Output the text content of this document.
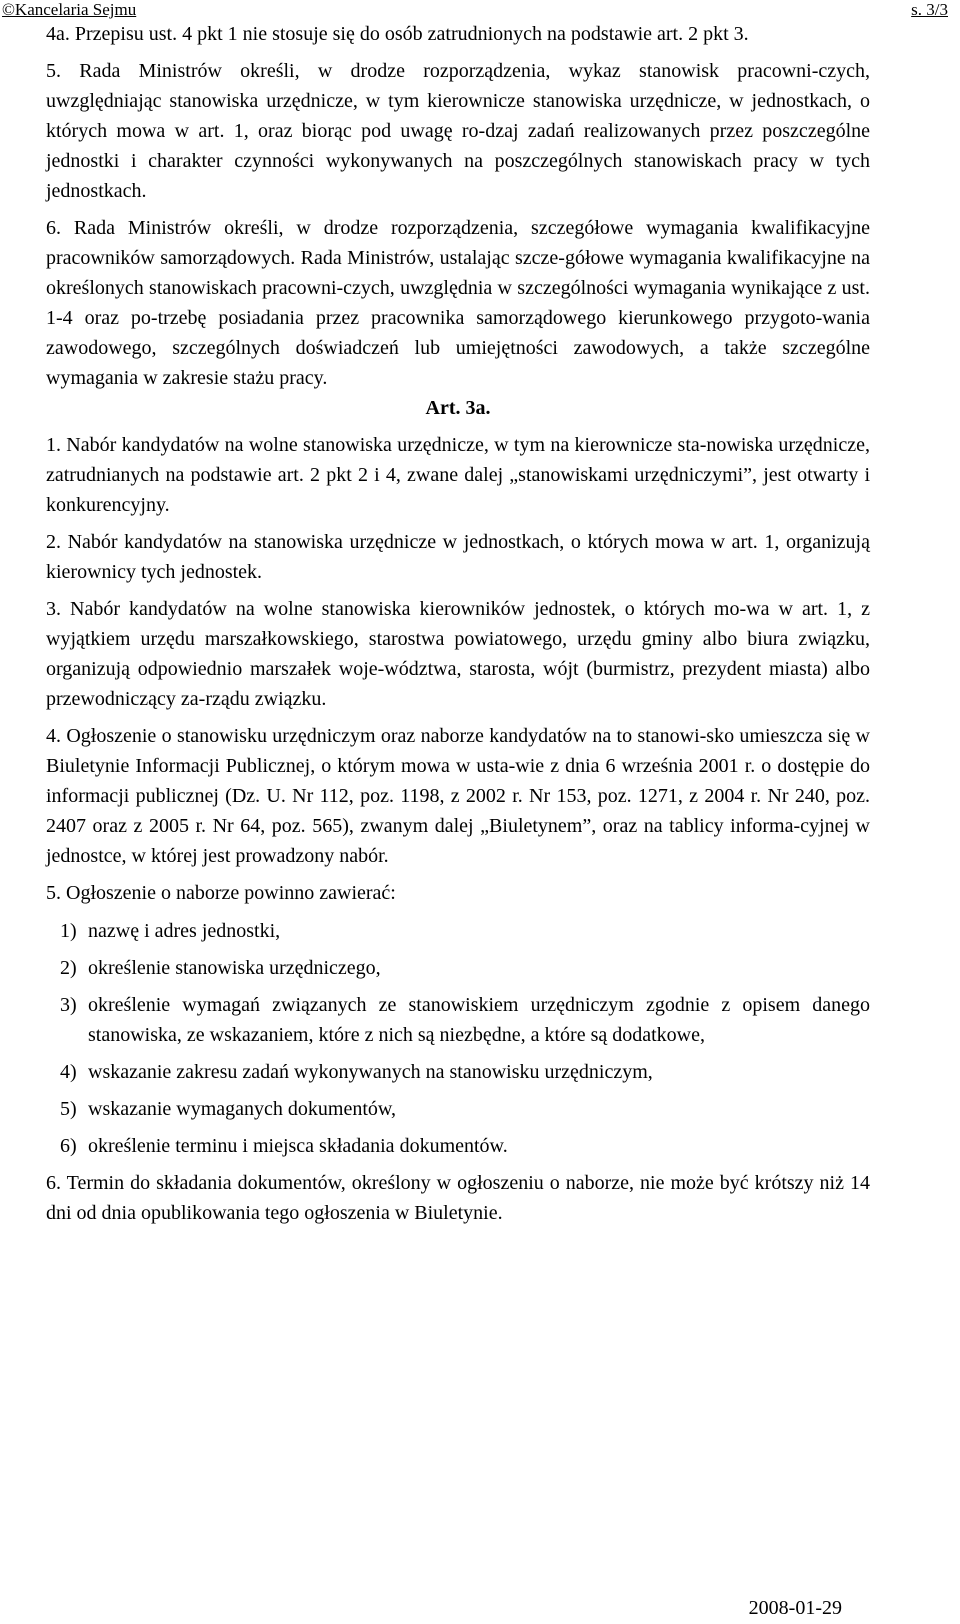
©Kancelaria Sejmu	s. 3/3

4a. Przepisu ust. 4 pkt 1 nie stosuje się do osób zatrudnionych na podstawie art. 2 pkt 3.

5. Rada Ministrów określi, w drodze rozporządzenia, wykaz stanowisk pracowni-czych, uwzględniając stanowiska urzędnicze, w tym kierownicze stanowiska urzędnicze, w jednostkach, o których mowa w art. 1, oraz biorąc pod uwagę ro-dzaj zadań realizowanych przez poszczególne jednostki i charakter czynności wykonywanych na poszczególnych stanowiskach pracy w tych jednostkach.

6. Rada Ministrów określi, w drodze rozporządzenia, szczegółowe wymagania kwalifikacyjne pracowników samorządowych. Rada Ministrów, ustalając szcze-gółowe wymagania kwalifikacyjne na określonych stanowiskach pracowni-czych, uwzględnia w szczególności wymagania wynikające z ust. 1-4 oraz po-trzebę posiadania przez pracownika samorządowego kierunkowego przygoto-wania zawodowego, szczególnych doświadczeń lub umiejętności zawodowych, a także szczególne wymagania w zakresie stażu pracy.

Art. 3a.

1. Nabór kandydatów na wolne stanowiska urzędnicze, w tym na kierownicze sta-nowiska urzędnicze, zatrudnianych na podstawie art. 2 pkt 2 i 4, zwane dalej „stanowiskami urzędniczymi”, jest otwarty i konkurencyjny.

2. Nabór kandydatów na stanowiska urzędnicze w jednostkach, o których mowa w art. 1, organizują kierownicy tych jednostek.

3. Nabór kandydatów na wolne stanowiska kierowników jednostek, o których mo-wa w art. 1, z wyjątkiem urzędu marszałkowskiego, starostwa powiatowego, urzędu gminy albo biura związku, organizują odpowiednio marszałek woje-wództwa, starosta, wójt (burmistrz, prezydent miasta) albo przewodniczący za-rządu związku.

4. Ogłoszenie o stanowisku urzędniczym oraz naborze kandydatów na to stanowi-sko umieszcza się w Biuletynie Informacji Publicznej, o którym mowa w usta-wie z dnia 6 września 2001 r. o dostępie do informacji publicznej (Dz. U. Nr 112, poz. 1198, z 2002 r. Nr 153, poz. 1271, z 2004 r. Nr 240, poz. 2407 oraz z 2005 r. Nr 64, poz. 565), zwanym dalej „Biuletynem”, oraz na tablicy informa-cyjnej w jednostce, w której jest prowadzony nabór.

5. Ogłoszenie o naborze powinno zawierać:

1) nazwę i adres jednostki,
2) określenie stanowiska urzędniczego,
3) określenie wymagań związanych ze stanowiskiem urzędniczym zgodnie z opisem danego stanowiska, ze wskazaniem, które z nich są niezbędne, a które są dodatkowe,
4) wskazanie zakresu zadań wykonywanych na stanowisku urzędniczym,
5) wskazanie wymaganych dokumentów,
6) określenie terminu i miejsca składania dokumentów.

6. Termin do składania dokumentów, określony w ogłoszeniu o naborze, nie może być krótszy niż 14 dni od dnia opublikowania tego ogłoszenia w Biuletynie.

2008-01-29
